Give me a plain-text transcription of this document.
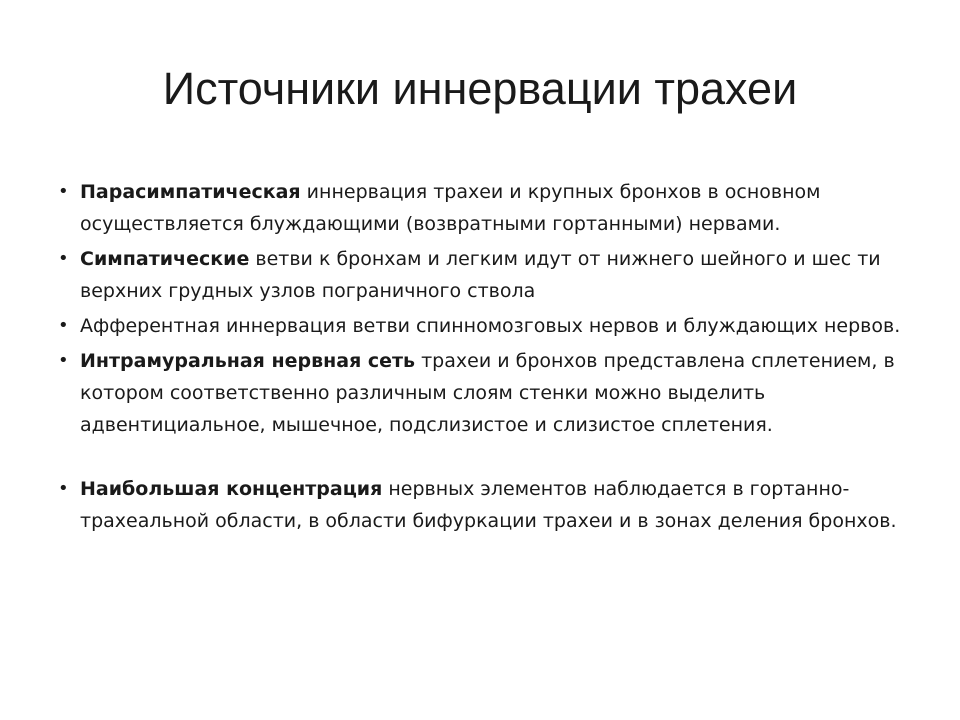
Источники иннервации трахеи
• Парасимпатическая иннервация трахеи и крупных бронхов в основном осуществляется блуждающими (возвратными гортанными) нервами.
• Симпатические ветви к бронхам и легким идут от нижнего шейного и шес ти верхних грудных узлов пограничного ствола
• Афферентная иннервация ветви спинномозговых нервов и блуждающих нервов.
• Интрамуральная нервная сеть трахеи и бронхов представлена сплетением, в котором соответственно различным слоям стенки можно выделить адвентициальное, мышечное, подслизистое и слизистое сплетения.
• Наибольшая концентрация нервных элементов наблюдается в гортанно-трахеальной области, в области бифуркации трахеи и в зонах деления бронхов.
